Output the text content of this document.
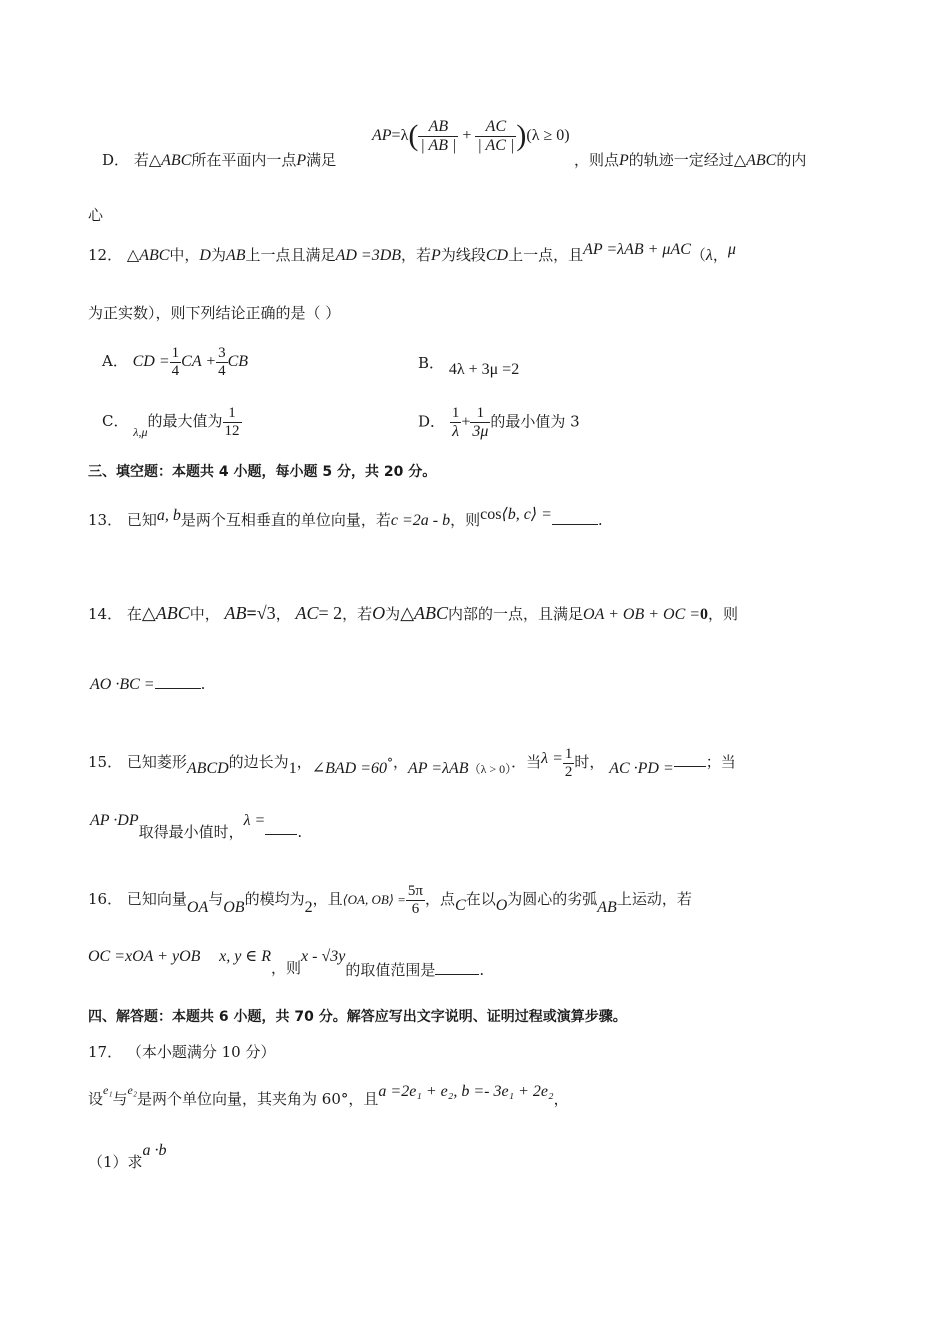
D． 若△ABC所在平面内一点P满足
$AP=\lambda( \frac{AB}{| AB |} + \frac{AC}{| AC |} )(\lambda \ge 0)$
，则点P的轨迹一定经过△ABC的内
心
12． △ABC中，D为AB上一点且满足AD =3DB，若P为线段CD上一点，且AP =λAB + μAC（λ，μ
为正实数），则下列结论正确的是（ ）
A． CD = $\frac{1}{4}$ CA + $\frac{3}{4}$ CB	B． 4λ + 3μ =2
C． $_{\lambda,\mu}$的最大值为 $\frac{1}{12}$	D． $\frac{1}{\lambda} + \frac{1}{3\mu}$ 的最小值为 3
三、填空题：本题共 4 小题，每小题 5 分，共 20 分。
13． 已知a, b是两个互相垂直的单位向量，若c =2a - b，则cos⟨b, c⟩ =	.
14． 在△ABC中， AB=√3， AC= 2，若O为△ABC内部的一点，且满足OA + OB + OC =0，则
AO ·BC =	.
15． 已知菱形ABCD的边长为1，∠BAD =60°，AP =λAB$_{(\lambda > 0)}$．当$\lambda = \frac{1}{2}$ 时， AC ·PD = ；当
AP ·DP取得最小值时，λ =.
16． 已知向量OA与OB的模均为2，且⟨OA, OB⟩ = $\frac{5\pi}{6}$ ，点C在以O为圆心的劣弧AB上运动，若
OC =xOA + yOB x, y ∈ R，则x - √3y的取值范围是	.
四、解答题：本题共 6 小题，共 70 分。解答应写出文字说明、证明过程或演算步骤。
17． （本小题满分 10 分）
设$^{e_1}$与$^{e_2}$是两个单位向量，其夹角为 60°，且a =2e₁ + e₂, b =- 3e₁ + 2e₂，
（1）求a ·b
